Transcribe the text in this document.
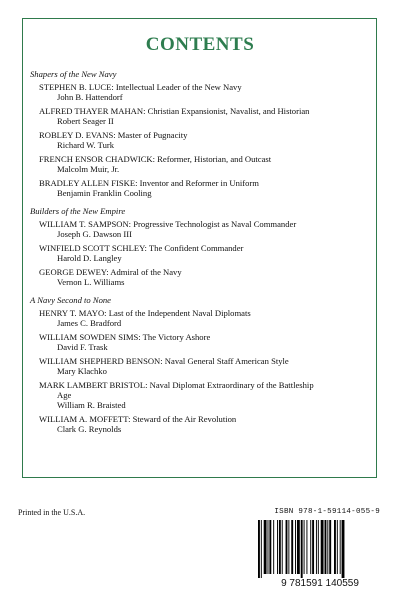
CONTENTS
Shapers of the New Navy
STEPHEN B. LUCE: Intellectual Leader of the New Navy
John B. Hattendorf
ALFRED THAYER MAHAN: Christian Expansionist, Navalist, and Historian
Robert Seager II
ROBLEY D. EVANS: Master of Pugnacity
Richard W. Turk
FRENCH ENSOR CHADWICK: Reformer, Historian, and Outcast
Malcolm Muir, Jr.
BRADLEY ALLEN FISKE: Inventor and Reformer in Uniform
Benjamin Franklin Cooling
Builders of the New Empire
WILLIAM T. SAMPSON: Progressive Technologist as Naval Commander
Joseph G. Dawson III
WINFIELD SCOTT SCHLEY: The Confident Commander
Harold D. Langley
GEORGE DEWEY: Admiral of the Navy
Vernon L. Williams
A Navy Second to None
HENRY T. MAYO: Last of the Independent Naval Diplomats
James C. Bradford
WILLIAM SOWDEN SIMS: The Victory Ashore
David F. Trask
WILLIAM SHEPHERD BENSON: Naval General Staff American Style
Mary Klachko
MARK LAMBERT BRISTOL: Naval Diplomat Extraordinary of the Battleship
Age
William R. Braisted
WILLIAM A. MOFFETT: Steward of the Air Revolution
Clark G. Reynolds
Printed in the U.S.A.	ISBN 978-1-59114-055-9
9 781591 140559
